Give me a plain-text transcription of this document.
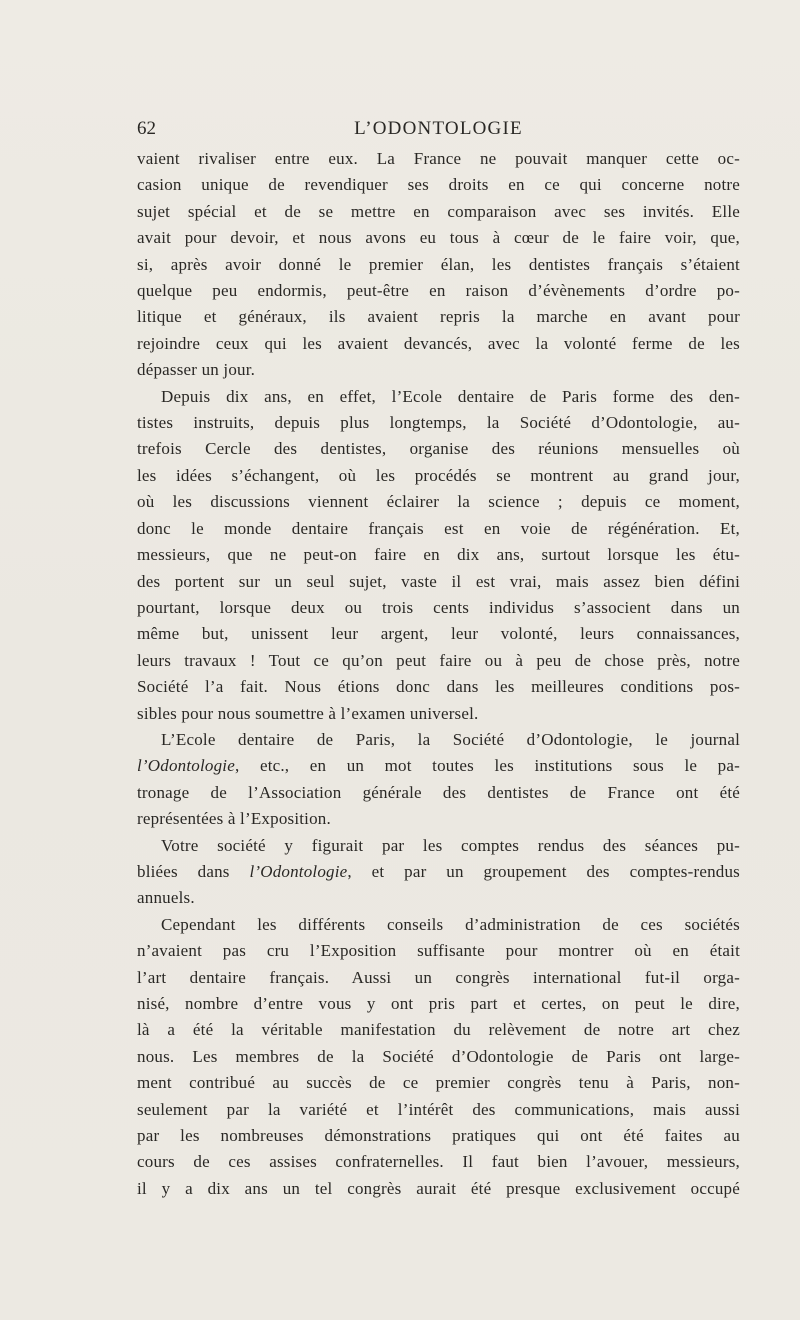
62	L’ODONTOLOGIE

vaient rivaliser entre eux. La France ne pouvait manquer cette oc-
casion unique de revendiquer ses droits en ce qui concerne notre
sujet spécial et de se mettre en comparaison avec ses invités. Elle
avait pour devoir, et nous avons eu tous à cœur de le faire voir, que,
si, après avoir donné le premier élan, les dentistes français s’étaient
quelque peu endormis, peut-être en raison d’évènements d’ordre po-
litique et généraux, ils avaient repris la marche en avant pour
rejoindre ceux qui les avaient devancés, avec la volonté ferme de les
dépasser un jour.

Depuis dix ans, en effet, l’Ecole dentaire de Paris forme des den-
tistes instruits, depuis plus longtemps, la Société d’Odontologie, au-
trefois Cercle des dentistes, organise des réunions mensuelles où
les idées s’échangent, où les procédés se montrent au grand jour,
où les discussions viennent éclairer la science ; depuis ce moment,
donc le monde dentaire français est en voie de régénération. Et,
messieurs, que ne peut-on faire en dix ans, surtout lorsque les étu-
des portent sur un seul sujet, vaste il est vrai, mais assez bien défini
pourtant, lorsque deux ou trois cents individus s’associent dans un
même but, unissent leur argent, leur volonté, leurs connaissances,
leurs travaux ! Tout ce qu’on peut faire ou à peu de chose près, notre
Société l’a fait. Nous étions donc dans les meilleures conditions pos-
sibles pour nous soumettre à l’examen universel.

L’Ecole dentaire de Paris, la Société d’Odontologie, le journal
l’Odontologie, etc., en un mot toutes les institutions sous le pa-
tronage de l’Association générale des dentistes de France ont été
représentées à l’Exposition.

Votre société y figurait par les comptes rendus des séances pu-
bliées dans l’Odontologie, et par un groupement des comptes-rendus
annuels.

Cependant les différents conseils d’administration de ces sociétés
n’avaient pas cru l’Exposition suffisante pour montrer où en était
l’art dentaire français. Aussi un congrès international fut-il orga-
nisé, nombre d’entre vous y ont pris part et certes, on peut le dire,
là a été la véritable manifestation du relèvement de notre art chez
nous. Les membres de la Société d’Odontologie de Paris ont large-
ment contribué au succès de ce premier congrès tenu à Paris, non-
seulement par la variété et l’intérêt des communications, mais aussi
par les nombreuses démonstrations pratiques qui ont été faites au
cours de ces assises confraternelles. Il faut bien l’avouer, messieurs,
il y a dix ans un tel congrès aurait été presque exclusivement occupé
